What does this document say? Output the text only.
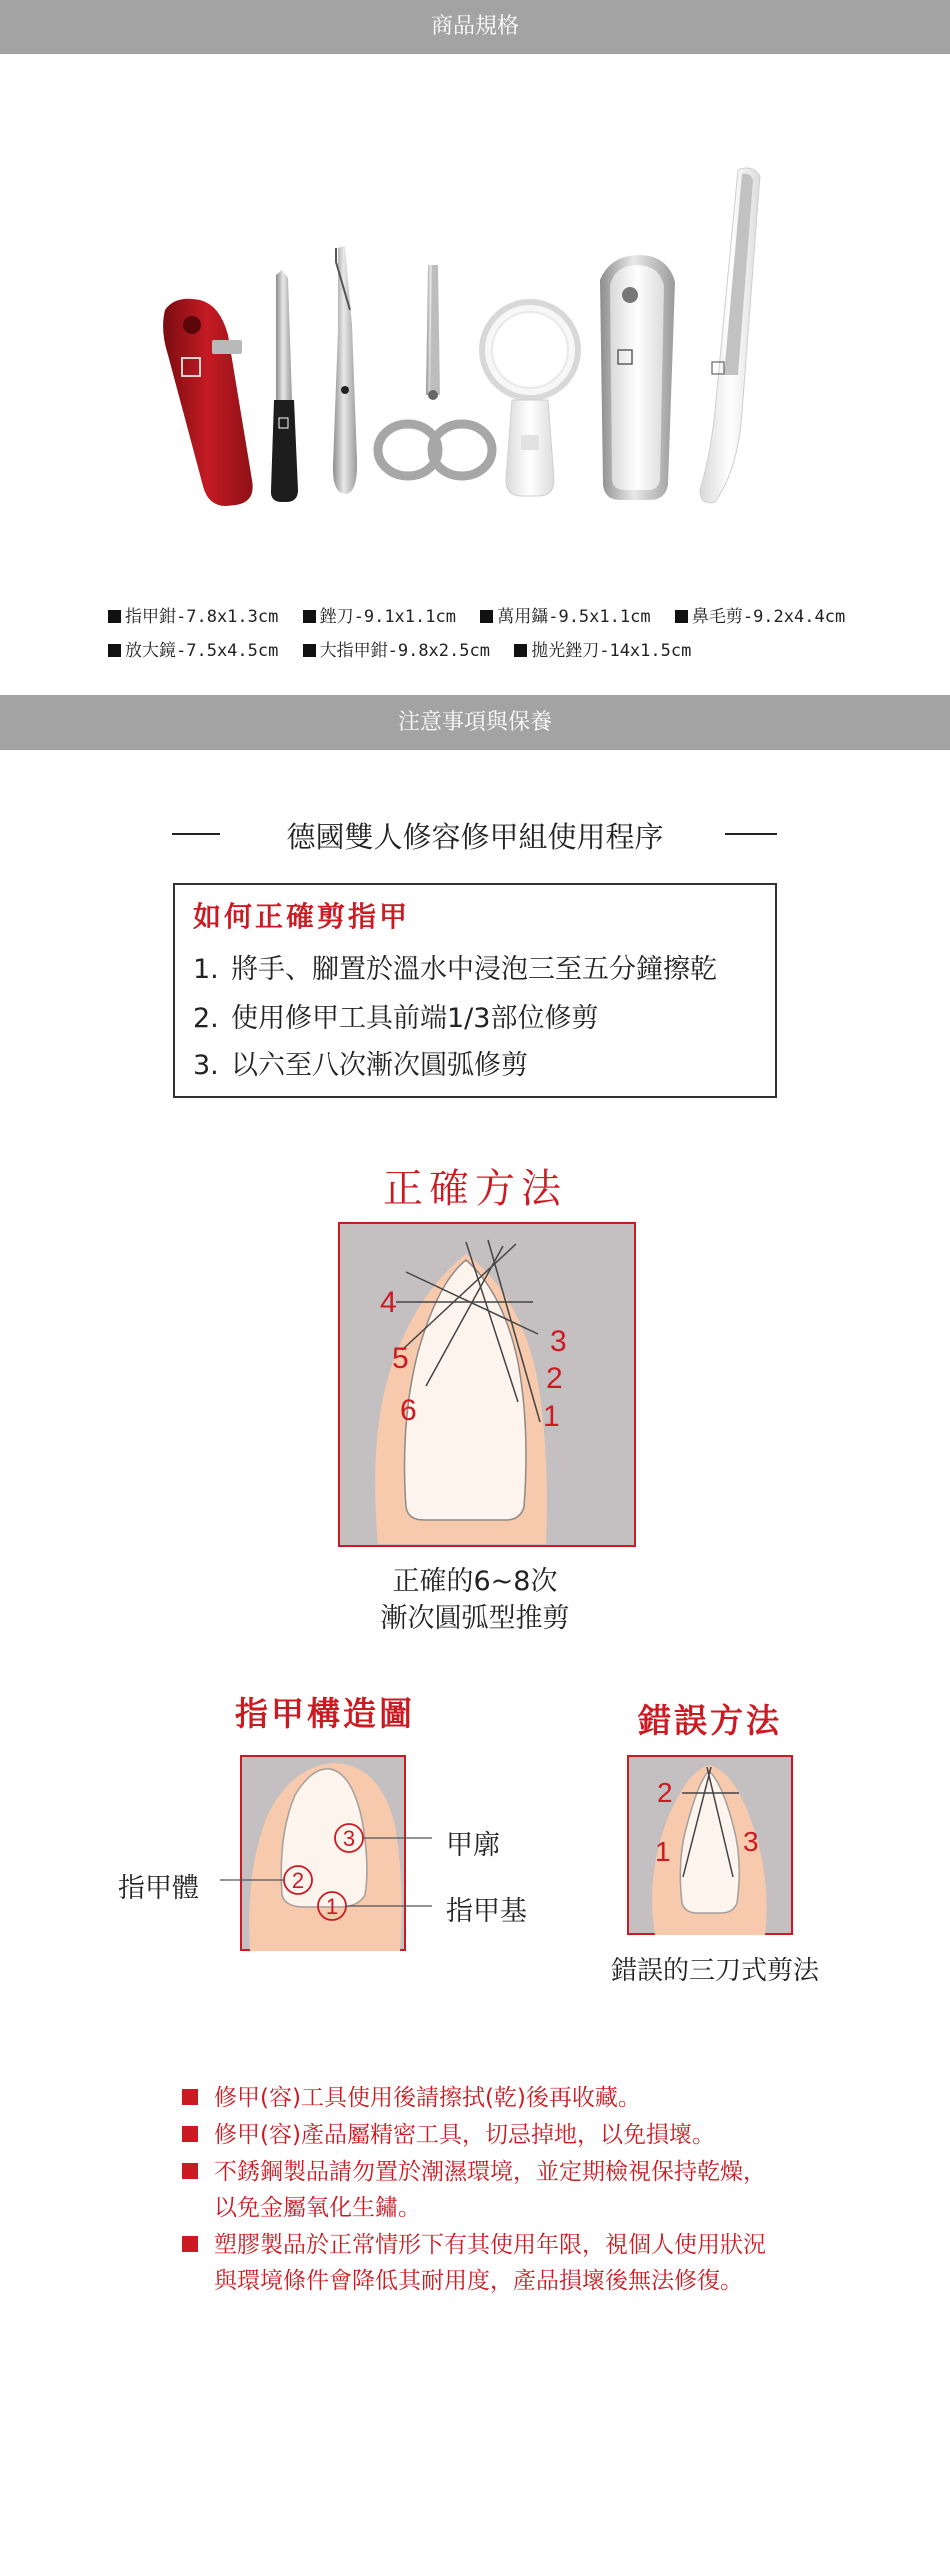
商品規格
指甲鉗-7.8x1.3cm 銼刀-9.1x1.1cm 萬用鑷-9.5x1.1cm 鼻毛剪-9.2x4.4cm
放大鏡-7.5x4.5cm 大指甲鉗-9.8x2.5cm 拋光銼刀-14x1.5cm
注意事項與保養
德國雙人修容修甲組使用程序
如何正確剪指甲
1. 將手、腳置於溫水中浸泡三至五分鐘擦乾
2. 使用修甲工具前端1/3部位修剪
3. 以六至八次漸次圓弧修剪
正確方法
4
5
6
3
2
1
正確的6~8次
漸次圓弧型推剪
指甲構造圖
3
2
1
指甲體
甲廓
指甲基
錯誤方法
2
1	3
錯誤的三刀式剪法
修甲(容)工具使用後請擦拭(乾)後再收藏。
修甲(容)產品屬精密工具，切忌掉地，以免損壞。
不銹鋼製品請勿置於潮濕環境，並定期檢視保持乾燥，以免金屬氧化生鏽。
塑膠製品於正常情形下有其使用年限，視個人使用狀況與環境條件會降低其耐用度，產品損壞後無法修復。
